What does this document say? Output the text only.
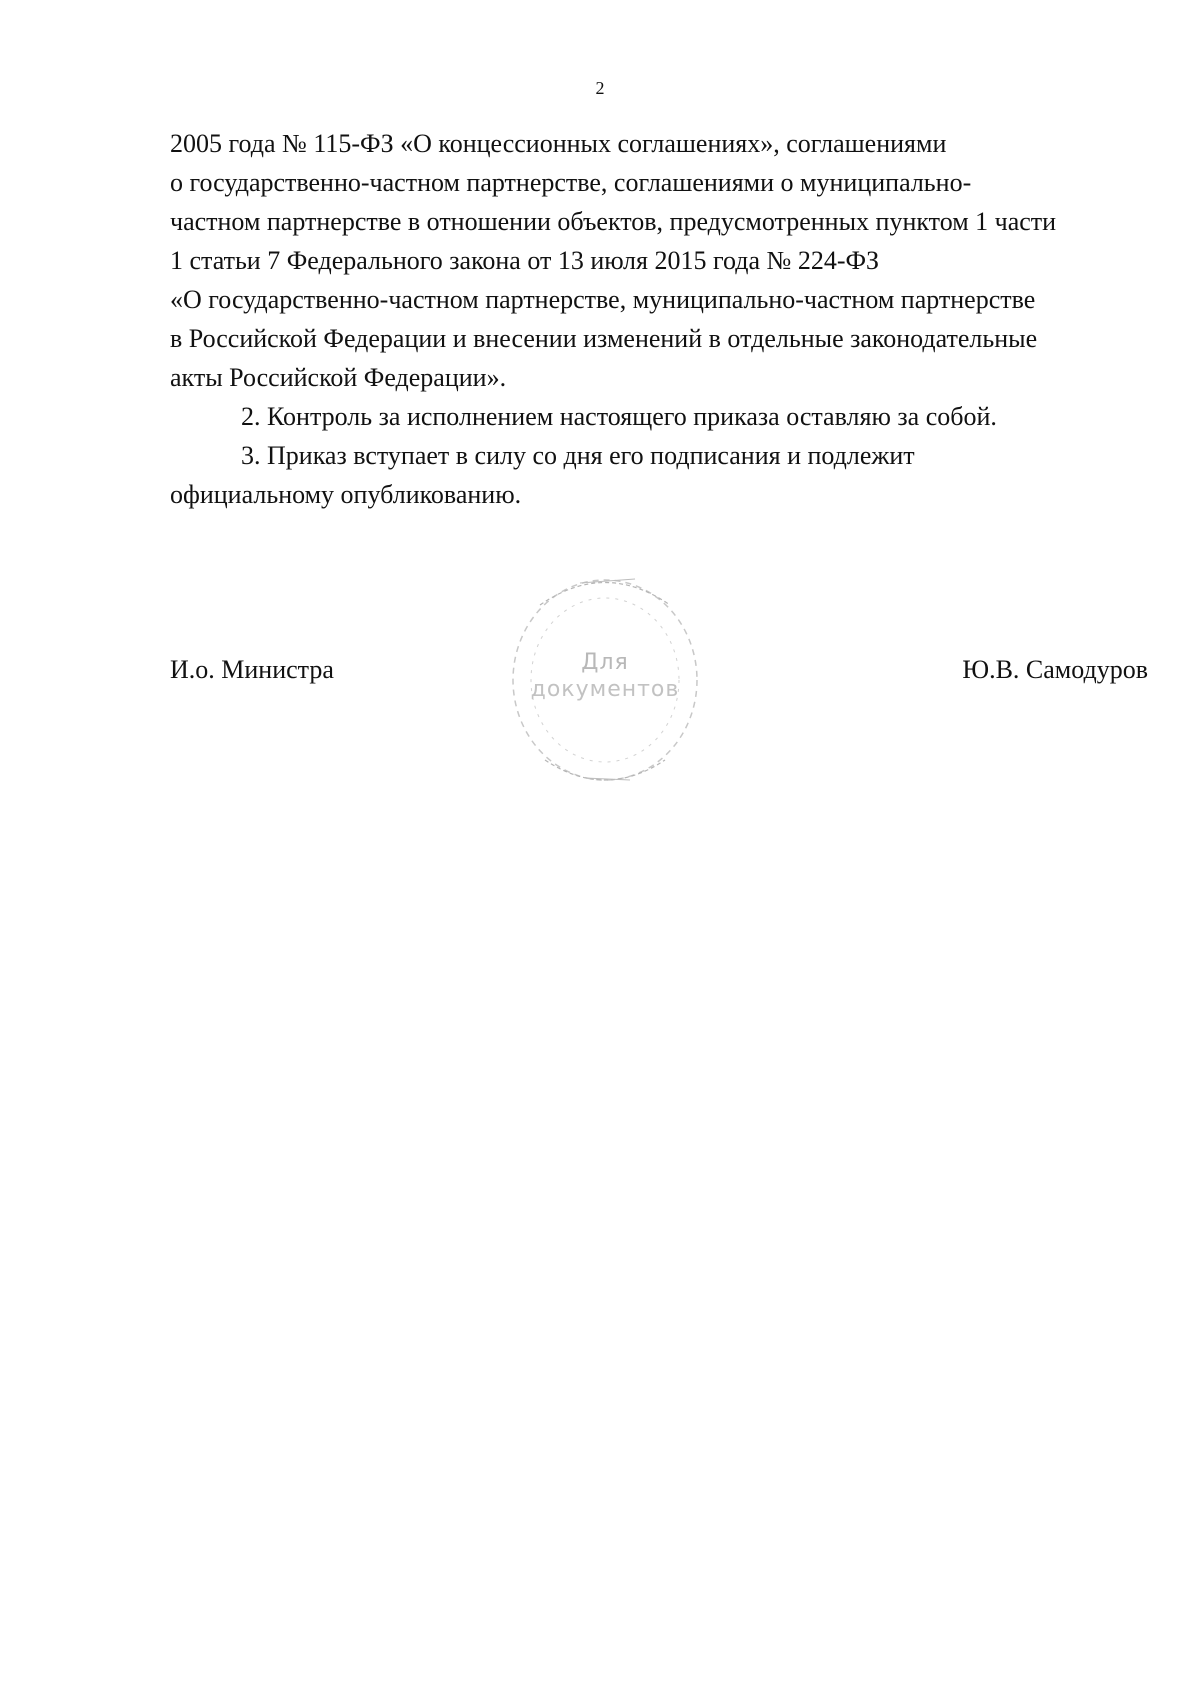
2

2005 года № 115-ФЗ «О концессионных соглашениях», соглашениями

о государственно-частном партнерстве, соглашениями о муниципально-

частном партнерстве в отношении объектов, предусмотренных пунктом 1 части

1 статьи 7 Федерального закона от 13 июля 2015 года № 224-ФЗ

«О государственно-частном партнерстве, муниципально-частном партнерстве

в Российской Федерации и внесении изменений в отдельные законодательные

акты Российской Федерации».

2. Контроль за исполнением настоящего приказа оставляю за собой.

3. Приказ вступает в силу со дня его подписания и подлежит

официальному опубликованию.

Для
документов
И.о. Министра	Ю.В. Самодуров
